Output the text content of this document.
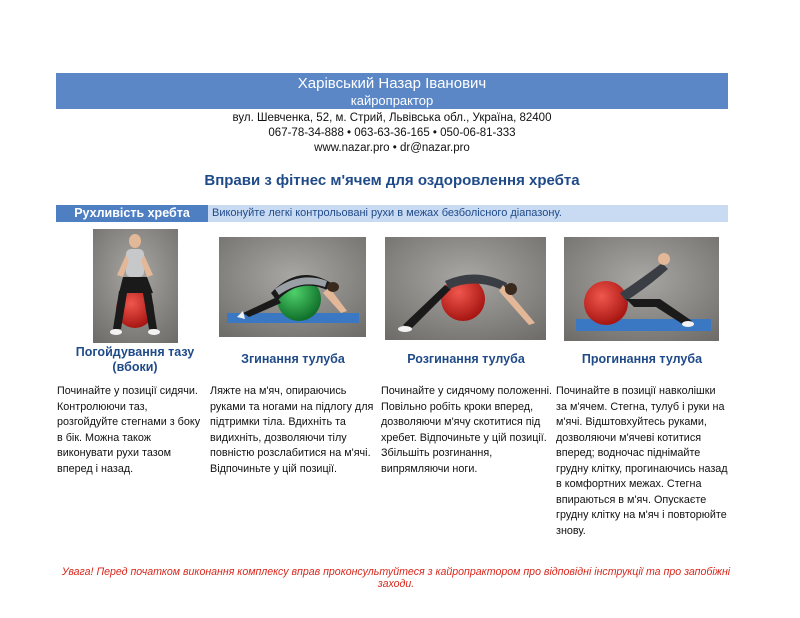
Харівський Назар Іванович
кайропрактор
вул. Шевченка, 52, м. Стрий, Львівська обл., Україна, 82400
067-78-34-888 • 063-63-36-165 • 050-06-81-333
www.nazar.pro • dr@nazar.pro
Вправи з фітнес м'ячем для оздоровлення хребта
Рухливість хребта	Виконуйте легкі контрольовані рухи в межах безболісного діапазону.
Погойдування тазу (вбоки)
Згинання тулуба	Розгинання тулуба	Прогинання тулуба
Починайте у позиції сидячи. Контролюючи таз, розгойдуйте стегнами з боку в бік. Можна також виконувати рухи тазом вперед і назад.
Ляжте на м'яч, опираючись руками та ногами на підлогу для підтримки тіла. Вдихніть та видихніть, дозволяючи тілу повністю розслабитися на м'ячі. Відпочиньте у цій позиції.
Починайте у сидячому положенні. Повільно робіть кроки вперед, дозволяючи м'ячу скотитися під хребет. Відпочиньте у цій позиції. Збільшіть розгинання, випрямляючи ноги.
Починайте в позиції навколішки за м'ячем. Стегна, тулуб і руки на м'ячі. Відштовхуйтесь руками, дозволяючи м'ячеві котитися вперед; водночас піднімайте грудну клітку, прогинаючись назад в комфортних межах. Стегна впираються в м'яч. Опускаєте грудну клітку на м'яч і повторюйте знову.
Увага! Перед початком виконання комплексу вправ проконсультуйтеся з кайропрактором про відповідні інструкції та про запобіжні заходи.
